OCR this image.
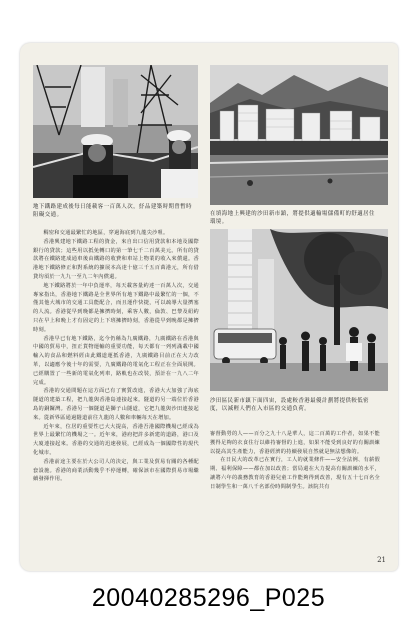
地下鐵路建成後每日能載客一百萬人次，紓品建築時期曾暫時阻礙交通。	在填海地上興建的沙田新市鎮，將提供適輸場儲備町的舒適居住環境。

稠密和交通最繁忙的地區，穿過海底到九龍尖沙咀。

香港興建地下鐵路工程的資金，來自出口信用貸款和本地及國際銀行的貸款；這些用以抵免轉口的第一筆七千二百萬美元。所有的貸款將在鐵路建成通車後由鐵路的收費和車站上物業的收入來償還。香港地下鐵路修正和對系統的擴展本高達十億三千五百萬港元，所有借貸均須於一九九一至九二年內償還。

地下鐵路將於一年中負運率，每天載客量約達一百萬人次，交通專家指出，香港地下鐵路是全世界所有地下鐵路中最繁忙的一個，不僅其他大城市的交通工具能配合，而且運作快捷，可以疏導大量擠塞的人流。香港從早到晚都是擁擠時刻，乘客人數，倫敦、巴黎及紐約只在早上和晚上才有固定的上下班擁擠時刻，香港從早到晚都是擁擠時刻。

香港早已有地下鐵路，迄今仍稱為九廣鐵路，九廣鐵路在香港與中國的貿易中，扭正貨物運輸的重要功能，每天都有一列列滿載中國輸入的食品和燃料經由此鐵道運抵香港，九廣鐵路目前正在大力改革，以適應今後十年的需要，九廣鐵路的電氣化工程正在全面展開。已經購置了一些新的電氣化列車，路軌也在改裝，預計在一九八二年完成。

香港的交通問題在這方面已有了實質改進，香港大大加強了海底隧道的建築工程，把九龍與香港島連接起來。隧道的另一端位於香港島的銅鑼灣。香港另一個隧道是獅子山隧道，它把九龍與沙田連接起來。從新界區通過隧道前往九龍的人數和車輛每天在增加。

近年來，位居的重要性已大大提高，香港吾港國際機場已經成為世界上最繁忙的機場之一。近年來，港府把許多新建的道路，港口及大廈連接起來。香港的交通的迅速發展，已經成為一個國際性的現代化城市。

香港前途主要在於大公司人的決定，與工業及貿易有關的各種配套設施。香港的商業活動幾乎不停運轉，確保該市在國際貿易市場繼續發揮作用。

沙田區民新市鎮下面四宙，設處較香港最優計劃將提供較低密度，以減輕人們在入市區的交通負荷。

審督動勞的人——百分之九十八是華人，這二百萬的工作者，如果不能獲得足夠的衣食住行以維持審督的上進，如果不能受到良好的有關訓練以提高其生產能力，香港經濟的持續發展自然就是無法想像的。

在日民大的改革已在實行，工人的就業條件——安全法例、有薪假期、福利保障——都在加以改善；當局還在大力提高有關訓練的水平，讓將六年的義務教育的香港兒童工作能夠得到改善，現有五十七百名全日制學生和一萬八千名部份時間制學生。該院共有

21
20040285296_P025
